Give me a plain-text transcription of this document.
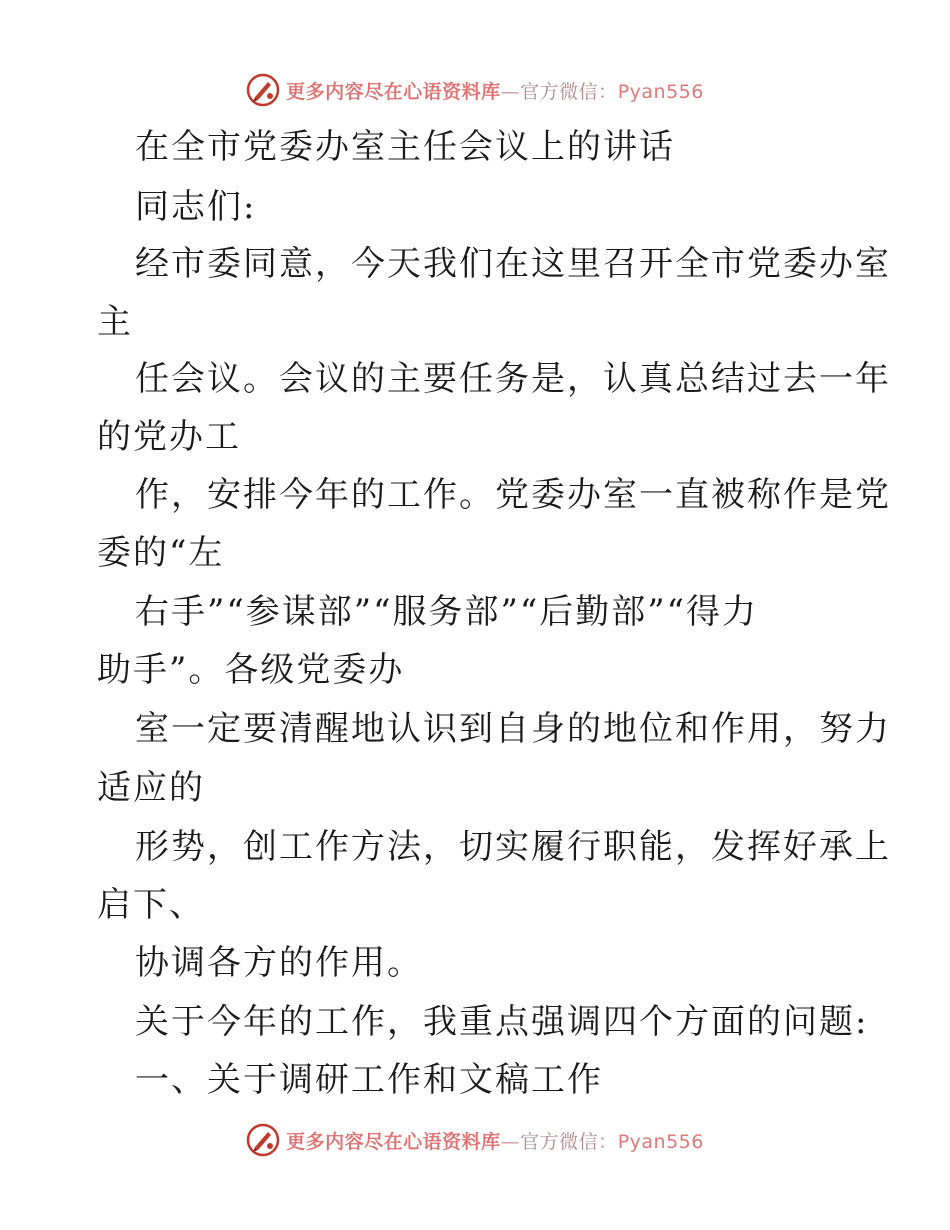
更多内容尽在心语资料库—官方微信：Pyan556
在全市党委办室主任会议上的讲话
同志们:
经市委同意，今天我们在这里召开全市党委办室
主
任会议。会议的主要任务是，认真总结过去一年
的党办工
作，安排今年的工作。党委办室一直被称作是党
委的“左
右手”“参谋部”“服务部”“后勤部”“得力
助手”。各级党委办
室一定要清醒地认识到自身的地位和作用，努力
适应的
形势，创工作方法，切实履行职能，发挥好承上
启下、
协调各方的作用。
关于今年的工作，我重点强调四个方面的问题:
一、关于调研工作和文稿工作
更多内容尽在心语资料库—官方微信：Pyan556
